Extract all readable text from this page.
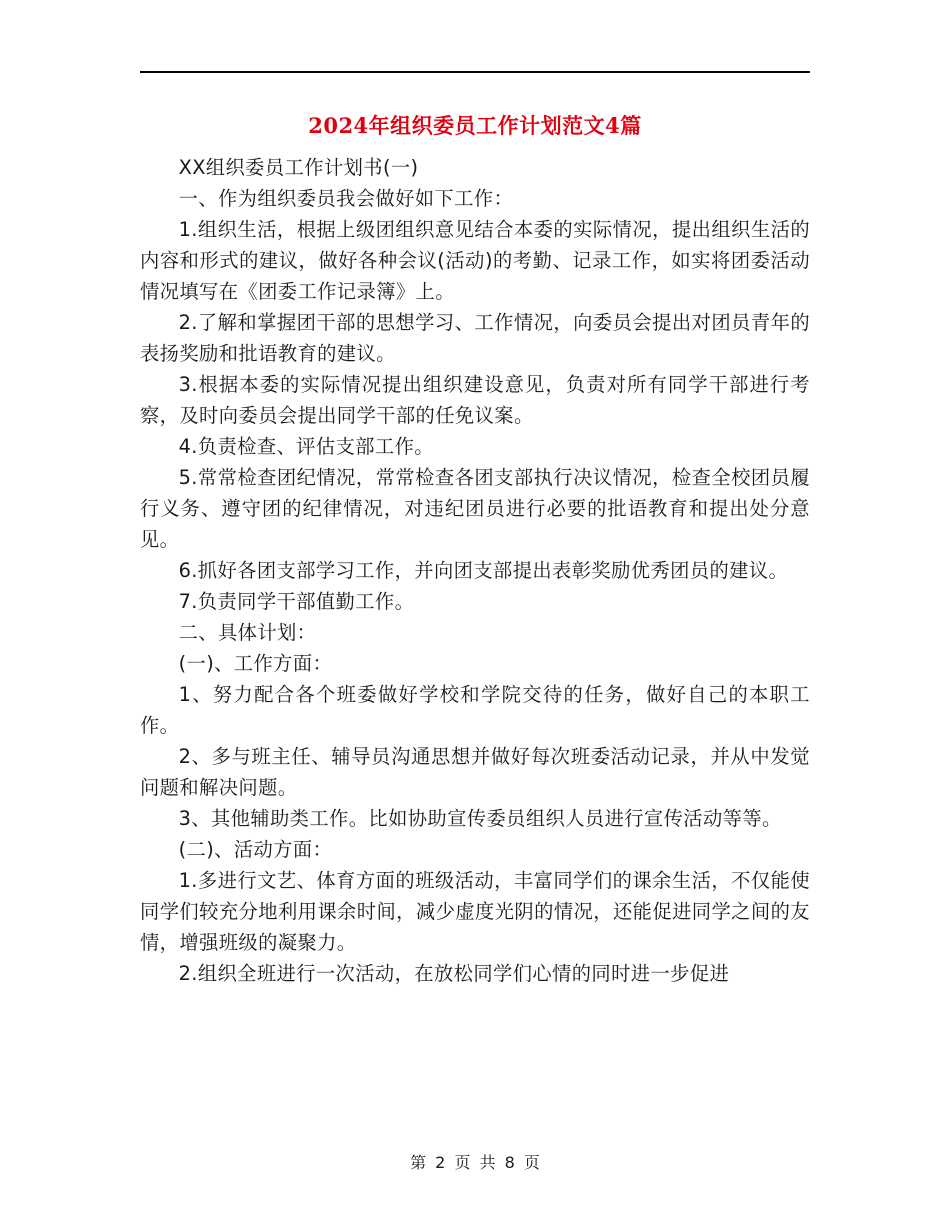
2024年组织委员工作计划范文4篇

XX组织委员工作计划书(一)

一、作为组织委员我会做好如下工作：

1.组织生活，根据上级团组织意见结合本委的实际情况，提出组织生活的内容和形式的建议，做好各种会议(活动)的考勤、记录工作，如实将团委活动情况填写在《团委工作记录簿》上。

2.了解和掌握团干部的思想学习、工作情况，向委员会提出对团员青年的表扬奖励和批语教育的建议。

3.根据本委的实际情况提出组织建设意见，负责对所有同学干部进行考察，及时向委员会提出同学干部的任免议案。

4.负责检查、评估支部工作。

5.常常检查团纪情况，常常检查各团支部执行决议情况，检查全校团员履行义务、遵守团的纪律情况，对违纪团员进行必要的批语教育和提出处分意见。

6.抓好各团支部学习工作，并向团支部提出表彰奖励优秀团员的建议。

7.负责同学干部值勤工作。

二、具体计划：

(一)、工作方面：

1、努力配合各个班委做好学校和学院交待的任务，做好自己的本职工作。

2、多与班主任、辅导员沟通思想并做好每次班委活动记录，并从中发觉问题和解决问题。

3、其他辅助类工作。比如协助宣传委员组织人员进行宣传活动等等。

(二)、活动方面：

1.多进行文艺、体育方面的班级活动，丰富同学们的课余生活，不仅能使同学们较充分地利用课余时间，减少虚度光阴的情况，还能促进同学之间的友情，增强班级的凝聚力。

2.组织全班进行一次活动，在放松同学们心情的同时进一步促进

第 2 页 共 8 页
